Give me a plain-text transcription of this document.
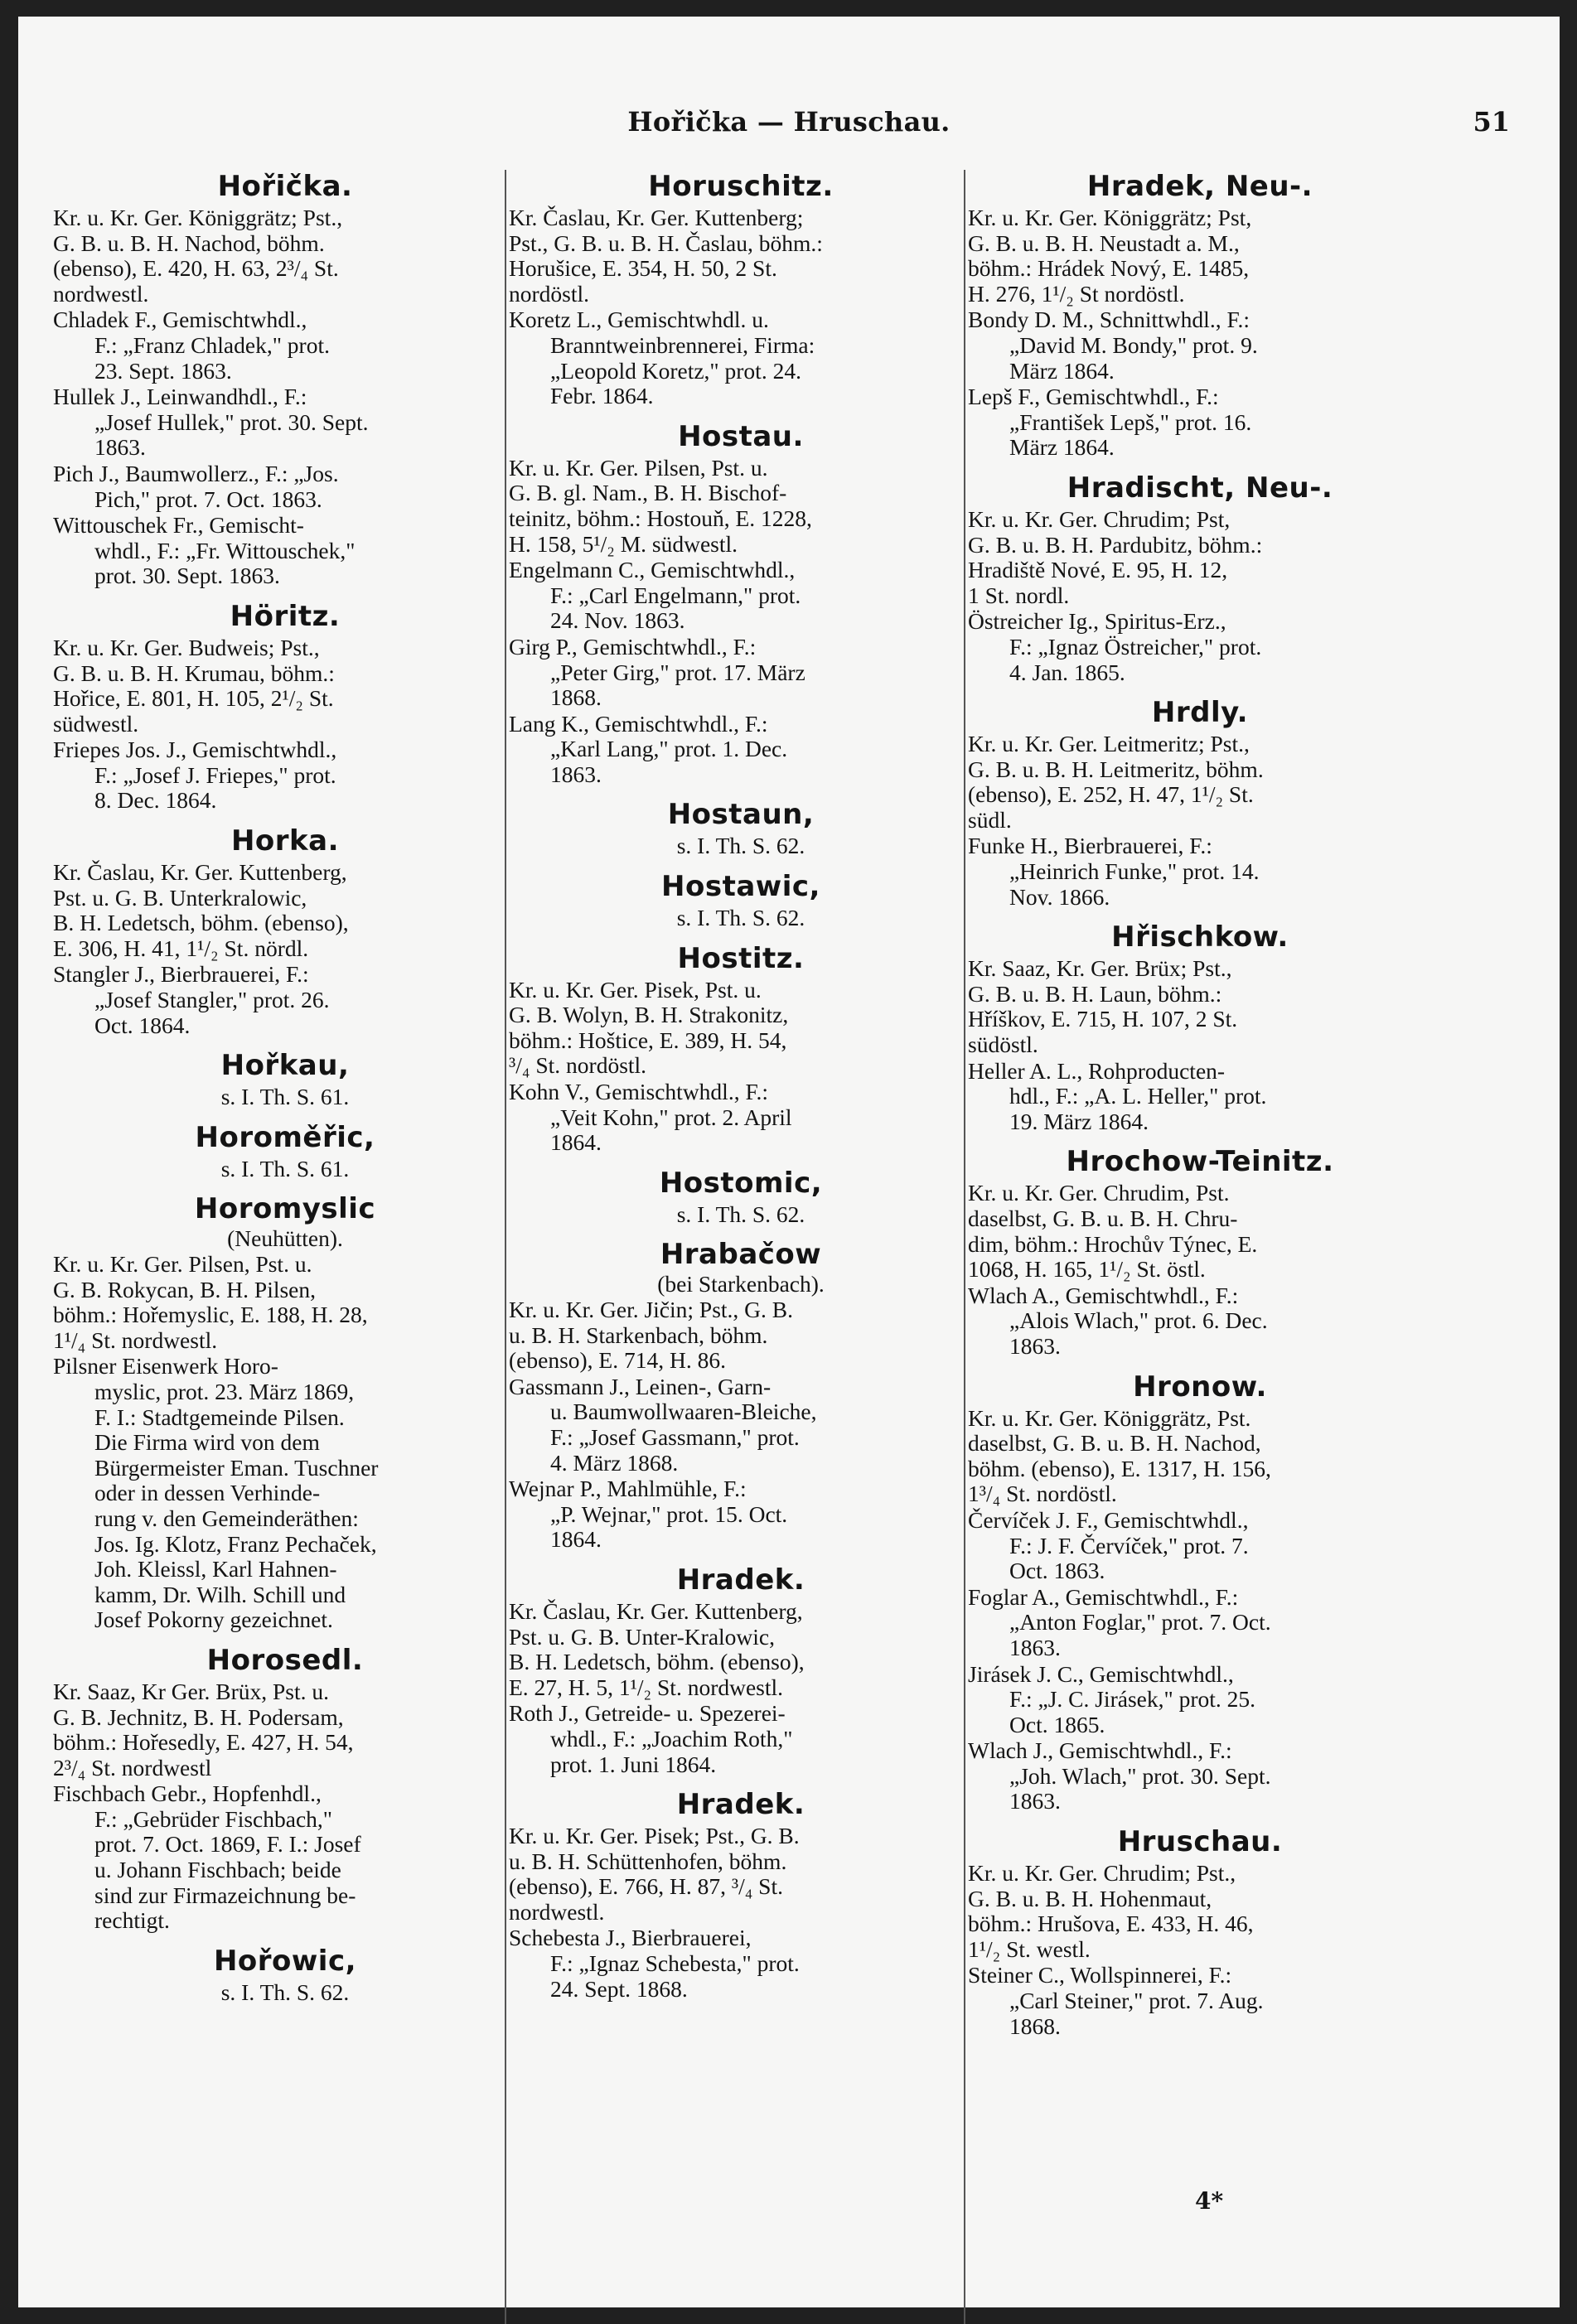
Hořička — Hruschau.	51
Hořička.
Kr. u. Kr. Ger. Königgrätz; Pst.,
G. B. u. B. H. Nachod, böhm.
(ebenso), E. 420, H. 63, 2³/₄ St.
nordwestl.
Chladek F., Gemischtwhdl.,
F.: „Franz Chladek," prot.
23. Sept. 1863.
Hullek J., Leinwandhdl., F.:
„Josef Hullek," prot. 30. Sept.
1863.
Pich J., Baumwollerz., F.: „Jos.
Pich," prot. 7. Oct. 1863.
Wittouschek Fr., Gemischt-
whdl., F.: „Fr. Wittouschek,"
prot. 30. Sept. 1863.
Höritz.
Kr. u. Kr. Ger. Budweis; Pst.,
G. B. u. B. H. Krumau, böhm.:
Hořice, E. 801, H. 105, 2¹/₂ St.
südwestl.
Friepes Jos. J., Gemischtwhdl.,
F.: „Josef J. Friepes," prot.
8. Dec. 1864.
Horka.
Kr. Časlau, Kr. Ger. Kuttenberg,
Pst. u. G. B. Unterkralowic,
B. H. Ledetsch, böhm. (ebenso),
E. 306, H. 41, 1¹/₂ St. nördl.
Stangler J., Bierbrauerei, F.:
„Josef Stangler," prot. 26.
Oct. 1864.
Hořkau,
s. I. Th. S. 61.
Horoměřic,
s. I. Th. S. 61.
Horomyslic
(Neuhütten).
Kr. u. Kr. Ger. Pilsen, Pst. u.
G. B. Rokycan, B. H. Pilsen,
böhm.: Hořemyslic, E. 188, H. 28,
1¹/₄ St. nordwestl.
Pilsner Eisenwerk Horo-
myslic, prot. 23. März 1869,
F. I.: Stadtgemeinde Pilsen.
Die Firma wird von dem
Bürgermeister Eman. Tuschner
oder in dessen Verhinde-
rung v. den Gemeinderäthen:
Jos. Ig. Klotz, Franz Pechaček,
Joh. Kleissl, Karl Hahnen-
kamm, Dr. Wilh. Schill und
Josef Pokorny gezeichnet.
Horosedl.
Kr. Saaz, Kr Ger. Brüx, Pst. u.
G. B. Jechnitz, B. H. Podersam,
böhm.: Hořesedly, E. 427, H. 54,
2³/₄ St. nordwestl
Fischbach Gebr., Hopfenhdl.,
F.: „Gebrüder Fischbach,"
prot. 7. Oct. 1869, F. I.: Josef
u. Johann Fischbach; beide
sind zur Firmazeichnung be-
rechtigt.
Hořowic,
s. I. Th. S. 62.
Horuschitz.
Kr. Časlau, Kr. Ger. Kuttenberg;
Pst., G. B. u. B. H. Časlau, böhm.:
Horušice, E. 354, H. 50, 2 St.
nordöstl.
Koretz L., Gemischtwhdl. u.
Branntweinbrennerei, Firma:
„Leopold Koretz," prot. 24.
Febr. 1864.
Hostau.
Kr. u. Kr. Ger. Pilsen, Pst. u.
G. B. gl. Nam., B. H. Bischof-
teinitz, böhm.: Hostouň, E. 1228,
H. 158, 5¹/₂ M. südwestl.
Engelmann C., Gemischtwhdl.,
F.: „Carl Engelmann," prot.
24. Nov. 1863.
Girg P., Gemischtwhdl., F.:
„Peter Girg," prot. 17. März
1868.
Lang K., Gemischtwhdl., F.:
„Karl Lang," prot. 1. Dec.
1863.
Hostaun,
s. I. Th. S. 62.
Hostawic,
s. I. Th. S. 62.
Hostitz.
Kr. u. Kr. Ger. Pisek, Pst. u.
G. B. Wolyn, B. H. Strakonitz,
böhm.: Hoštice, E. 389, H. 54,
³/₄ St. nordöstl.
Kohn V., Gemischtwhdl., F.:
„Veit Kohn," prot. 2. April
1864.
Hostomic,
s. I. Th. S. 62.
Hrabačow
(bei Starkenbach).
Kr. u. Kr. Ger. Jičin; Pst., G. B.
u. B. H. Starkenbach, böhm.
(ebenso), E. 714, H. 86.
Gassmann J., Leinen-, Garn-
u. Baumwollwaaren-Bleiche,
F.: „Josef Gassmann," prot.
4. März 1868.
Wejnar P., Mahlmühle, F.:
„P. Wejnar," prot. 15. Oct.
1864.
Hradek.
Kr. Časlau, Kr. Ger. Kuttenberg,
Pst. u. G. B. Unter-Kralowic,
B. H. Ledetsch, böhm. (ebenso),
E. 27, H. 5, 1¹/₂ St. nordwestl.
Roth J., Getreide- u. Spezerei-
whdl., F.: „Joachim Roth,"
prot. 1. Juni 1864.
Hradek.
Kr. u. Kr. Ger. Pisek; Pst., G. B.
u. B. H. Schüttenhofen, böhm.
(ebenso), E. 766, H. 87, ³/₄ St.
nordwestl.
Schebesta J., Bierbrauerei,
F.: „Ignaz Schebesta," prot.
24. Sept. 1868.
Hradek, Neu-.
Kr. u. Kr. Ger. Königgrätz; Pst,
G. B. u. B. H. Neustadt a. M.,
böhm.: Hrádek Nový, E. 1485,
H. 276, 1¹/₂ St nordöstl.
Bondy D. M., Schnittwhdl., F.:
„David M. Bondy," prot. 9.
März 1864.
Lepš F., Gemischtwhdl., F.:
„František Lepš," prot. 16.
März 1864.
Hradischt, Neu-.
Kr. u. Kr. Ger. Chrudim; Pst,
G. B. u. B. H. Pardubitz, böhm.:
Hradiště Nové, E. 95, H. 12,
1 St. nordl.
Östreicher Ig., Spiritus-Erz.,
F.: „Ignaz Östreicher," prot.
4. Jan. 1865.
Hrdly.
Kr. u. Kr. Ger. Leitmeritz; Pst.,
G. B. u. B. H. Leitmeritz, böhm.
(ebenso), E. 252, H. 47, 1¹/₂ St.
südl.
Funke H., Bierbrauerei, F.:
„Heinrich Funke," prot. 14.
Nov. 1866.
Hřischkow.
Kr. Saaz, Kr. Ger. Brüx; Pst.,
G. B. u. B. H. Laun, böhm.:
Hříškov, E. 715, H. 107, 2 St.
südöstl.
Heller A. L., Rohproducten-
hdl., F.: „A. L. Heller," prot.
19. März 1864.
Hrochow-Teinitz.
Kr. u. Kr. Ger. Chrudim, Pst.
daselbst, G. B. u. B. H. Chru-
dim, böhm.: Hrochův Týnec, E.
1068, H. 165, 1¹/₂ St. östl.
Wlach A., Gemischtwhdl., F.:
„Alois Wlach," prot. 6. Dec.
1863.
Hronow.
Kr. u. Kr. Ger. Königgrätz, Pst.
daselbst, G. B. u. B. H. Nachod,
böhm. (ebenso), E. 1317, H. 156,
1³/₄ St. nordöstl.
Červíček J. F., Gemischtwhdl.,
F.: J. F. Červíček," prot. 7.
Oct. 1863.
Foglar A., Gemischtwhdl., F.:
„Anton Foglar," prot. 7. Oct.
1863.
Jirásek J. C., Gemischtwhdl.,
F.: „J. C. Jirásek," prot. 25.
Oct. 1865.
Wlach J., Gemischtwhdl., F.:
„Joh. Wlach," prot. 30. Sept.
1863.
Hruschau.
Kr. u. Kr. Ger. Chrudim; Pst.,
G. B. u. B. H. Hohenmaut,
böhm.: Hrušova, E. 433, H. 46,
1¹/₂ St. westl.
Steiner C., Wollspinnerei, F.:
„Carl Steiner," prot. 7. Aug.
1868.
4*
